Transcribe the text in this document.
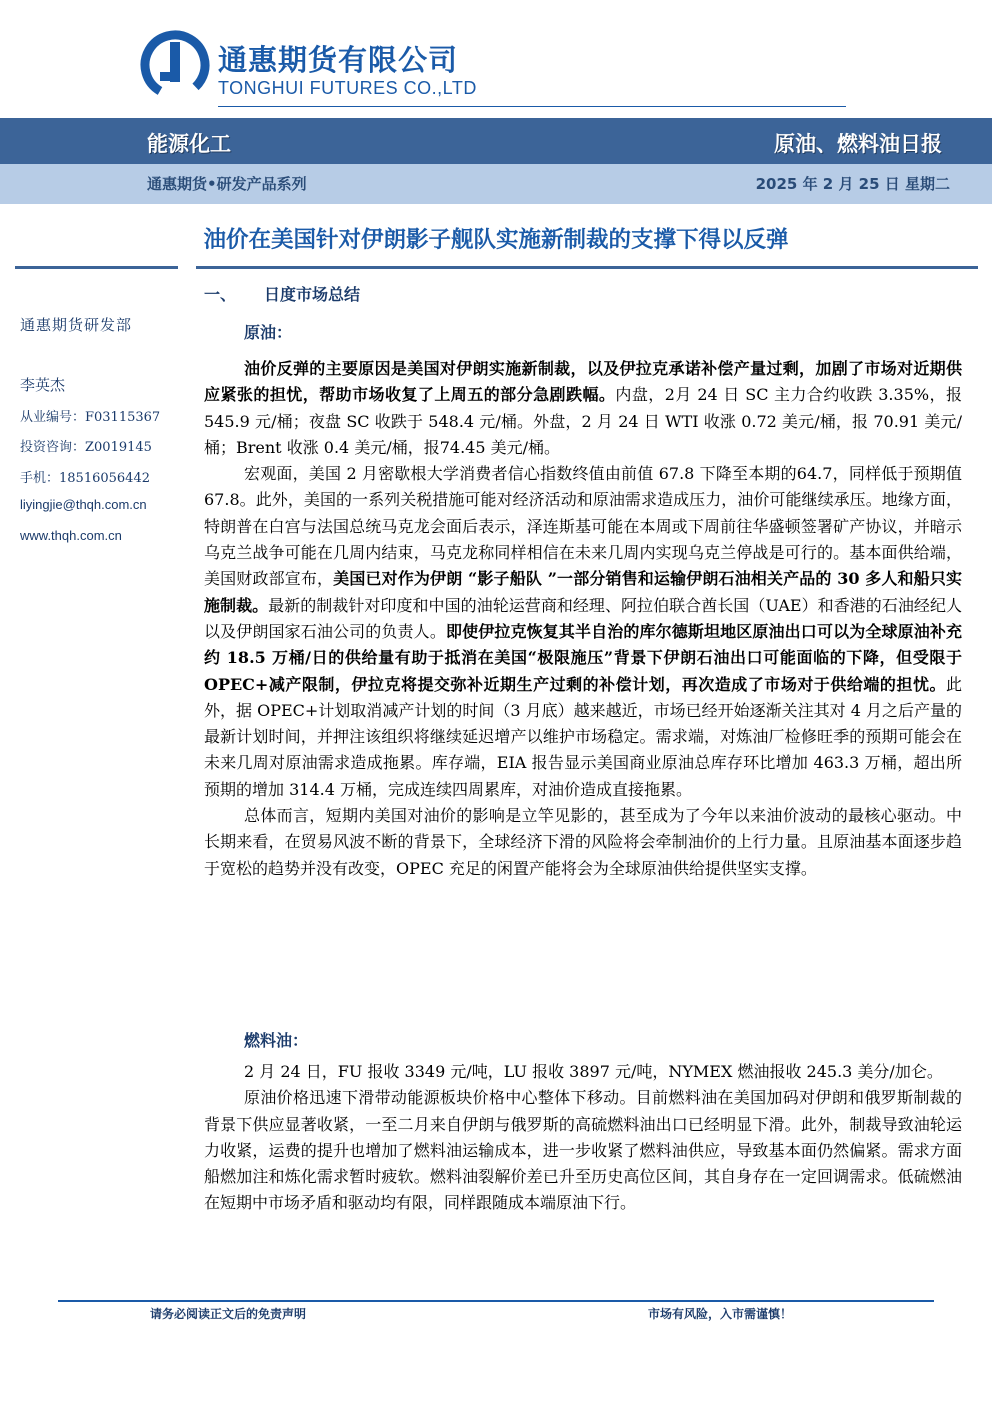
通惠期货有限公司
TONGHUI FUTURES CO.,LTD
能源化工	原油、燃料油日报
通惠期货•研发产品系列	2025 年 2 月 25 日 星期二
油价在美国针对伊朗影子舰队实施新制裁的支撑下得以反弹
通惠期货研发部
李英杰
从业编号：F03115367
投资咨询：Z0019145
手机：18516056442
liyingjie@thqh.com.cn
www.thqh.com.cn
一、 日度市场总结
原油：

油价反弹的主要原因是美国对伊朗实施新制裁，以及伊拉克承诺补偿产量过剩，加剧了市场对近期供应紧张的担忧，帮助市场收复了上周五的部分急剧跌幅。内盘，2月 24 日 SC 主力合约收跌 3.35%，报 545.9 元/桶；夜盘 SC 收跌于 548.4 元/桶。外盘，2 月 24 日 WTI 收涨 0.72 美元/桶，报 70.91 美元/桶；Brent 收涨 0.4 美元/桶，报74.45 美元/桶。

宏观面，美国 2 月密歇根大学消费者信心指数终值由前值 67.8 下降至本期的64.7，同样低于预期值 67.8。此外，美国的一系列关税措施可能对经济活动和原油需求造成压力，油价可能继续承压。地缘方面，特朗普在白宫与法国总统马克龙会面后表示，泽连斯基可能在本周或下周前往华盛顿签署矿产协议，并暗示乌克兰战争可能在几周内结束，马克龙称同样相信在未来几周内实现乌克兰停战是可行的。基本面供给端，美国财政部宣布，美国已对作为伊朗 “影子船队 ”一部分销售和运输伊朗石油相关产品的 30 多人和船只实施制裁。最新的制裁针对印度和中国的油轮运营商和经理、阿拉伯联合酋长国（UAE）和香港的石油经纪人以及伊朗国家石油公司的负责人。即使伊拉克恢复其半自治的库尔德斯坦地区原油出口可以为全球原油补充约 18.5 万桶/日的供给量有助于抵消在美国“极限施压”背景下伊朗石油出口可能面临的下降，但受限于 OPEC+减产限制，伊拉克将提交弥补近期生产过剩的补偿计划，再次造成了市场对于供给端的担忧。此外，据 OPEC+计划取消减产计划的时间（3 月底）越来越近，市场已经开始逐渐关注其对 4 月之后产量的最新计划时间，并押注该组织将继续延迟增产以维护市场稳定。需求端，对炼油厂检修旺季的预期可能会在未来几周对原油需求造成拖累。库存端，EIA 报告显示美国商业原油总库存环比增加 463.3 万桶，超出所预期的增加 314.4 万桶，完成连续四周累库，对油价造成直接拖累。

总体而言，短期内美国对油价的影响是立竿见影的，甚至成为了今年以来油价波动的最核心驱动。中长期来看，在贸易风波不断的背景下，全球经济下滑的风险将会牵制油价的上行力量。且原油基本面逐步趋于宽松的趋势并没有改变，OPEC 充足的闲置产能将会为全球原油供给提供坚实支撑。

燃料油：

2 月 24 日，FU 报收 3349 元/吨，LU 报收 3897 元/吨，NYMEX 燃油报收 245.3 美分/加仑。

原油价格迅速下滑带动能源板块价格中心整体下移动。目前燃料油在美国加码对伊朗和俄罗斯制裁的背景下供应显著收紧，一至二月来自伊朗与俄罗斯的高硫燃料油出口已经明显下滑。此外，制裁导致油轮运力收紧，运费的提升也增加了燃料油运输成本，进一步收紧了燃料油供应，导致基本面仍然偏紧。需求方面船燃加注和炼化需求暂时疲软。燃料油裂解价差已升至历史高位区间，其自身存在一定回调需求。低硫燃油在短期中市场矛盾和驱动均有限，同样跟随成本端原油下行。

请务必阅读正文后的免责声明	市场有风险，入市需谨慎！
